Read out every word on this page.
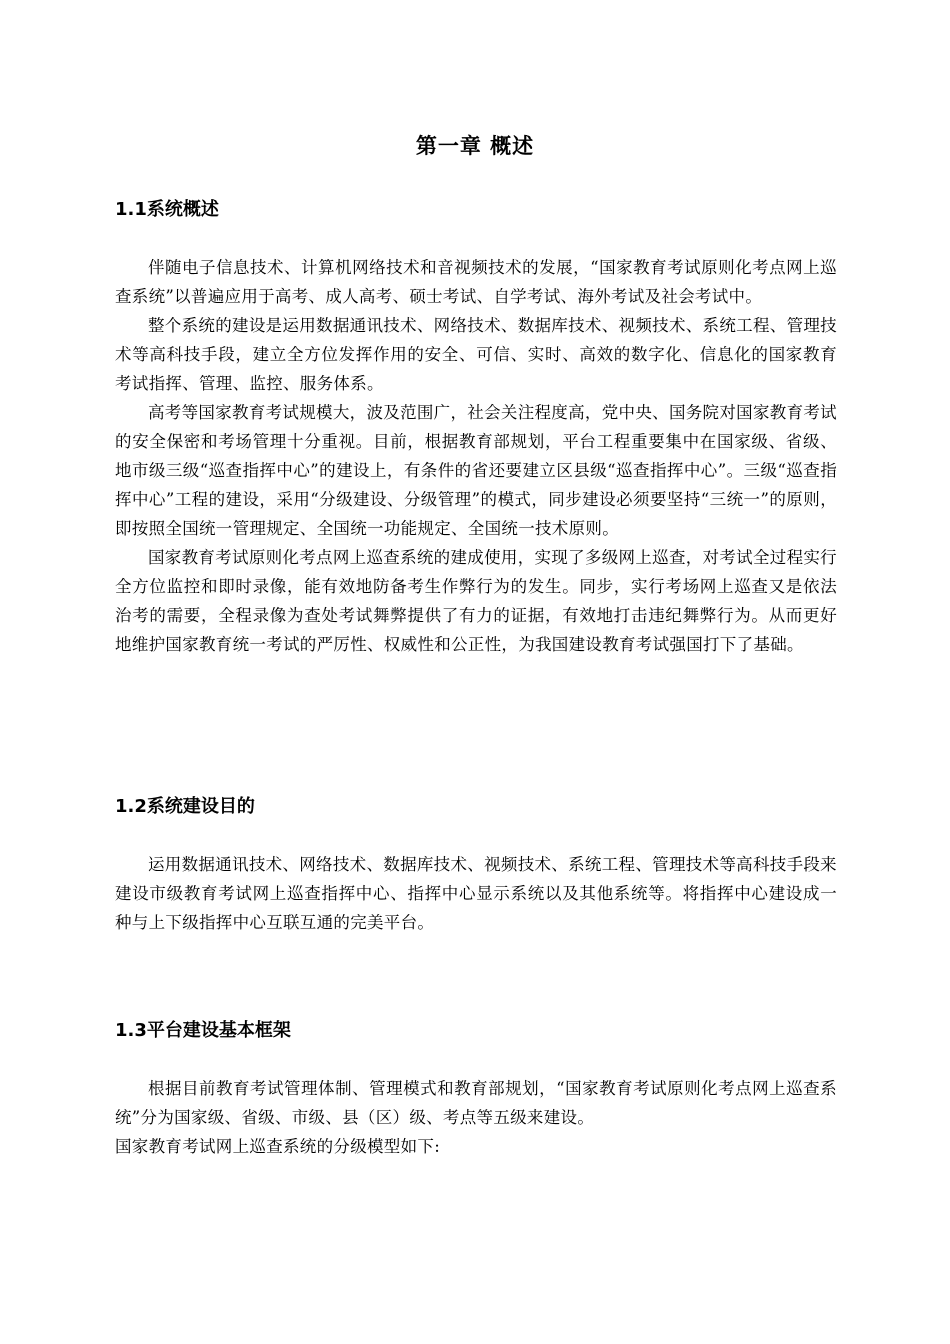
第一章 概述
1.1系统概述

伴随电子信息技术、计算机网络技术和音视频技术的发展，“国家教育考试原则化考点网上巡查系统”以普遍应用于高考、成人高考、硕士考试、自学考试、海外考试及社会考试中。

整个系统的建设是运用数据通讯技术、网络技术、数据库技术、视频技术、系统工程、管理技术等高科技手段，建立全方位发挥作用的安全、可信、实时、高效的数字化、信息化的国家教育考试指挥、管理、监控、服务体系。

高考等国家教育考试规模大，波及范围广，社会关注程度高，党中央、国务院对国家教育考试的安全保密和考场管理十分重视。目前，根据教育部规划，平台工程重要集中在国家级、省级、地市级三级“巡查指挥中心”的建设上，有条件的省还要建立区县级“巡查指挥中心”。三级“巡查指挥中心”工程的建设，采用“分级建设、分级管理”的模式，同步建设必须要坚持“三统一”的原则，即按照全国统一管理规定、全国统一功能规定、全国统一技术原则。

国家教育考试原则化考点网上巡查系统的建成使用，实现了多级网上巡查，对考试全过程实行全方位监控和即时录像，能有效地防备考生作弊行为的发生。同步，实行考场网上巡查又是依法治考的需要，全程录像为查处考试舞弊提供了有力的证据，有效地打击违纪舞弊行为。从而更好地维护国家教育统一考试的严厉性、权威性和公正性，为我国建设教育考试强国打下了基础。

1.2系统建设目的

运用数据通讯技术、网络技术、数据库技术、视频技术、系统工程、管理技术等高科技手段来建设市级教育考试网上巡查指挥中心、指挥中心显示系统以及其他系统等。将指挥中心建设成一种与上下级指挥中心互联互通的完美平台。

1.3平台建设基本框架

根据目前教育考试管理体制、管理模式和教育部规划，“国家教育考试原则化考点网上巡查系统”分为国家级、省级、市级、县（区）级、考点等五级来建设。

国家教育考试网上巡查系统的分级模型如下:
